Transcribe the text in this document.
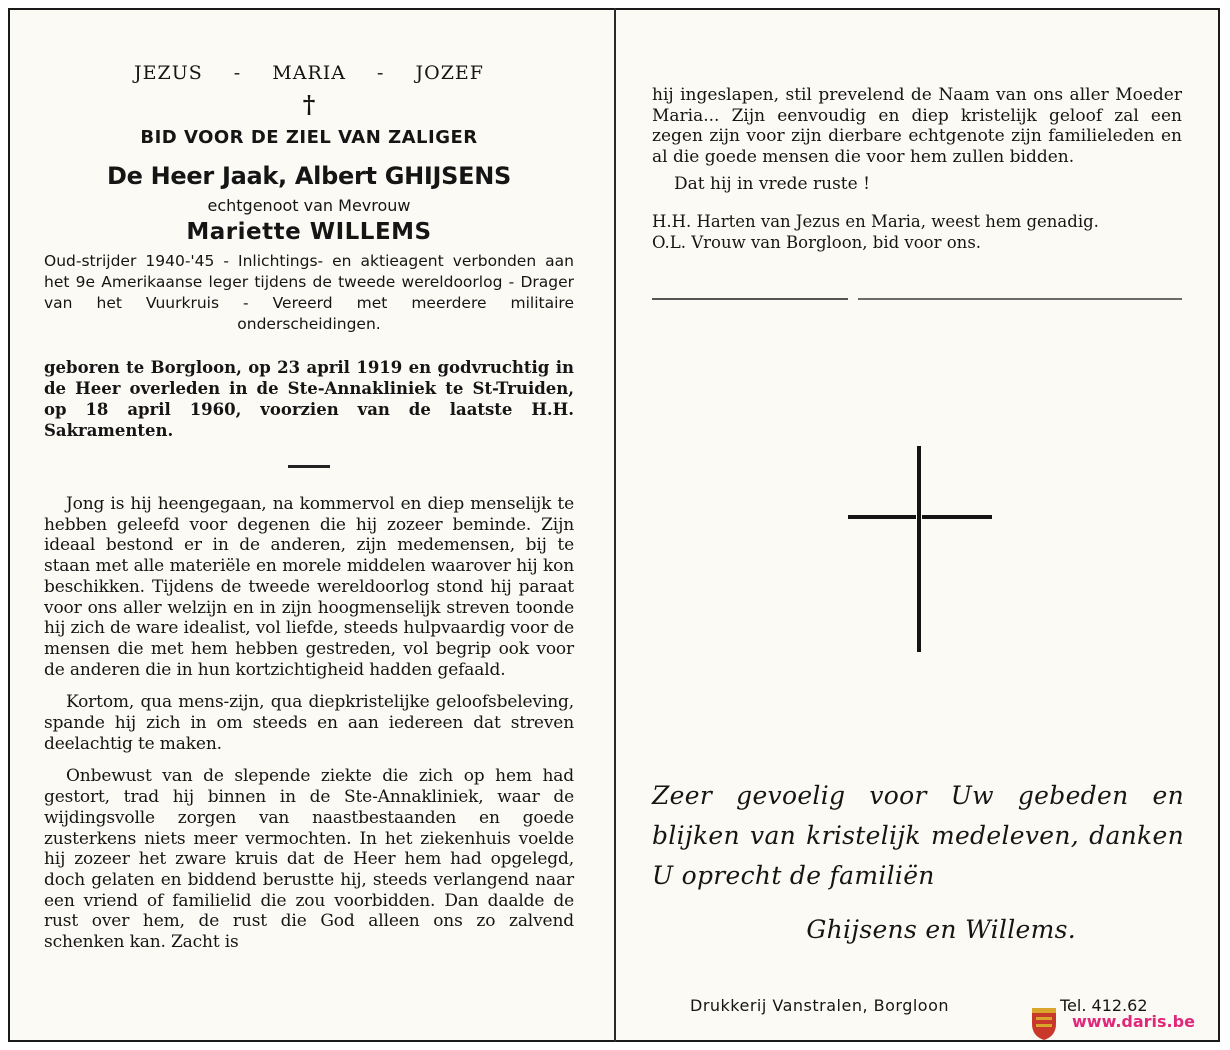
JEZUS - MARIA - JOZEF
†
BID VOOR DE ZIEL VAN ZALIGER
De Heer Jaak, Albert GHIJSENS
echtgenoot van Mevrouw
Mariette WILLEMS
Oud-strijder 1940-'45 - Inlichtings- en aktieagent verbonden aan het 9e Amerikaanse leger tijdens de tweede wereldoorlog - Drager van het Vuurkruis - Vereerd met meerdere militaire onderscheidingen.
geboren te Borgloon, op 23 april 1919 en godvruchtig in de Heer overleden in de Ste-Annakliniek te St-Truiden, op 18 april 1960, voorzien van de laatste H.H. Sakramenten.

Jong is hij heengegaan, na kommervol en diep menselijk te hebben geleefd voor degenen die hij zozeer beminde. Zijn ideaal bestond er in de anderen, zijn medemensen, bij te staan met alle materiële en morele middelen waarover hij kon beschikken. Tijdens de tweede wereldoorlog stond hij paraat voor ons aller welzijn en in zijn hoogmenselijk streven toonde hij zich de ware idealist, vol liefde, steeds hulpvaardig voor de mensen die met hem hebben gestreden, vol begrip ook voor de anderen die in hun kortzichtigheid hadden gefaald.

Kortom, qua mens-zijn, qua diepkristelijke geloofsbeleving, spande hij zich in om steeds en aan iedereen dat streven deelachtig te maken.

Onbewust van de slepende ziekte die zich op hem had gestort, trad hij binnen in de Ste-Annakliniek, waar de wijdingsvolle zorgen van naastbestaanden en goede zusterkens niets meer vermochten. In het ziekenhuis voelde hij zozeer het zware kruis dat de Heer hem had opgelegd, doch gelaten en biddend berustte hij, steeds verlangend naar een vriend of familielid die zou voorbidden. Dan daalde de rust over hem, de rust die God alleen ons zo zalvend schenken kan. Zacht is

hij ingeslapen, stil prevelend de Naam van ons aller Moeder Maria... Zijn eenvoudig en diep kristelijk geloof zal een zegen zijn voor zijn dierbare echtgenote zijn familieleden en al die goede mensen die voor hem zullen bidden.

Dat hij in vrede ruste !

H.H. Harten van Jezus en Maria, weest hem genadig.
O.L. Vrouw van Borgloon, bid voor ons.
Zeer gevoelig voor Uw gebeden en
blijken van kristelijk medeleven, danken
U oprecht de familiën
Ghijsens en Willems.
Drukkerij Vanstralen, Borgloon	Tel. 412.62
www.daris.be
